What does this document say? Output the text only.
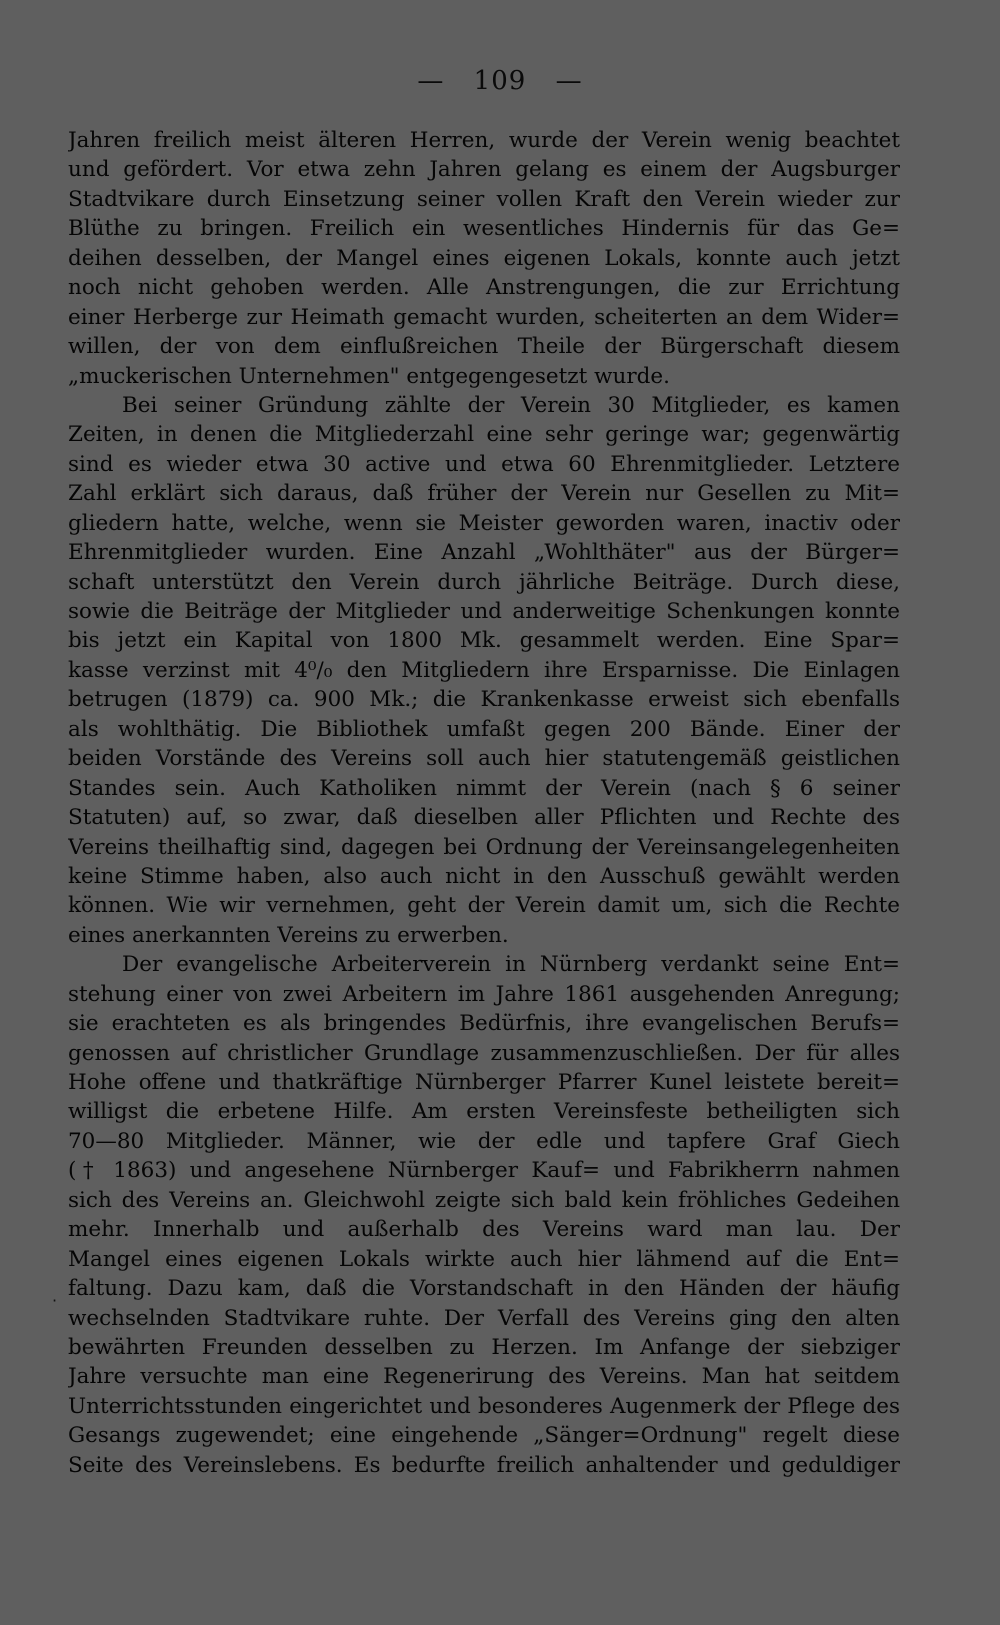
— 109 —
·
Jahren freilich meist älteren Herren, wurde der Verein wenig beachtet
und gefördert. Vor etwa zehn Jahren gelang es einem der Augsburger
Stadtvikare durch Einsetzung seiner vollen Kraft den Verein wieder zur
Blüthe zu bringen. Freilich ein wesentliches Hindernis für das Ge=
deihen desselben, der Mangel eines eigenen Lokals, konnte auch jetzt
noch nicht gehoben werden. Alle Anstrengungen, die zur Errichtung
einer Herberge zur Heimath gemacht wurden, scheiterten an dem Wider=
willen, der von dem einflußreichen Theile der Bürgerschaft diesem
„muckerischen Unternehmen" entgegengesetzt wurde.
Bei seiner Gründung zählte der Verein 30 Mitglieder, es kamen
Zeiten, in denen die Mitgliederzahl eine sehr geringe war; gegenwärtig
sind es wieder etwa 30 active und etwa 60 Ehrenmitglieder. Letztere
Zahl erklärt sich daraus, daß früher der Verein nur Gesellen zu Mit=
gliedern hatte, welche, wenn sie Meister geworden waren, inactiv oder
Ehrenmitglieder wurden. Eine Anzahl „Wohlthäter" aus der Bürger=
schaft unterstützt den Verein durch jährliche Beiträge. Durch diese,
sowie die Beiträge der Mitglieder und anderweitige Schenkungen konnte
bis jetzt ein Kapital von 1800 Mk. gesammelt werden. Eine Spar=
kasse verzinst mit 4⁰/₀ den Mitgliedern ihre Ersparnisse. Die Einlagen
betrugen (1879) ca. 900 Mk.; die Krankenkasse erweist sich ebenfalls
als wohlthätig. Die Bibliothek umfaßt gegen 200 Bände. Einer der
beiden Vorstände des Vereins soll auch hier statutengemäß geistlichen
Standes sein. Auch Katholiken nimmt der Verein (nach § 6 seiner
Statuten) auf, so zwar, daß dieselben aller Pflichten und Rechte des
Vereins theilhaftig sind, dagegen bei Ordnung der Vereinsangelegenheiten
keine Stimme haben, also auch nicht in den Ausschuß gewählt werden
können. Wie wir vernehmen, geht der Verein damit um, sich die Rechte
eines anerkannten Vereins zu erwerben.
Der evangelische Arbeiterverein in Nürnberg verdankt seine Ent=
stehung einer von zwei Arbeitern im Jahre 1861 ausgehenden Anregung;
sie erachteten es als bringendes Bedürfnis, ihre evangelischen Berufs=
genossen auf christlicher Grundlage zusammenzuschließen. Der für alles
Hohe offene und thatkräftige Nürnberger Pfarrer Kunel leistete bereit=
willigst die erbetene Hilfe. Am ersten Vereinsfeste betheiligten sich
70—80 Mitglieder. Männer, wie der edle und tapfere Graf Giech
(† 1863) und angesehene Nürnberger Kauf= und Fabrikherrn nahmen
sich des Vereins an. Gleichwohl zeigte sich bald kein fröhliches Gedeihen
mehr. Innerhalb und außerhalb des Vereins ward man lau. Der
Mangel eines eigenen Lokals wirkte auch hier lähmend auf die Ent=
faltung. Dazu kam, daß die Vorstandschaft in den Händen der häufig
wechselnden Stadtvikare ruhte. Der Verfall des Vereins ging den alten
bewährten Freunden desselben zu Herzen. Im Anfange der siebziger
Jahre versuchte man eine Regenerirung des Vereins. Man hat seitdem
Unterrichtsstunden eingerichtet und besonderes Augenmerk der Pflege des
Gesangs zugewendet; eine eingehende „Sänger=Ordnung" regelt diese
Seite des Vereinslebens. Es bedurfte freilich anhaltender und geduldiger
